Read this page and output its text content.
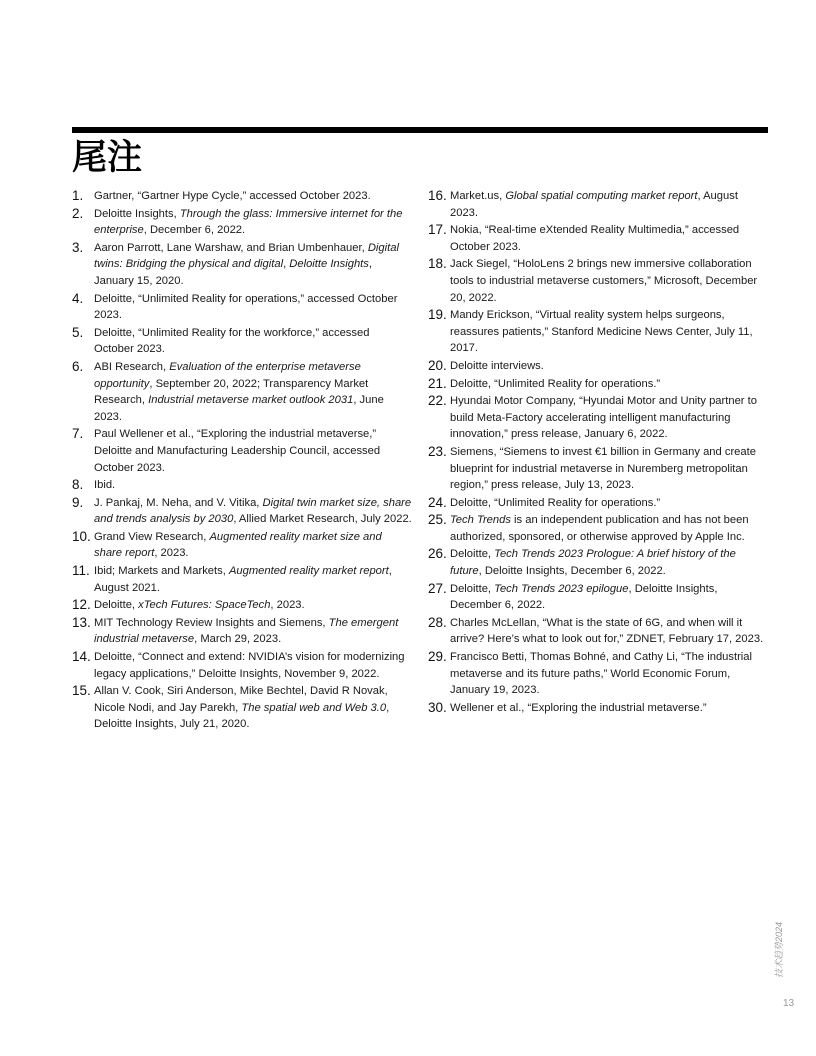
尾注
1. Gartner, “Gartner Hype Cycle,” accessed October 2023.
2. Deloitte Insights, Through the glass: Immersive internet for the enterprise, December 6, 2022.
3. Aaron Parrott, Lane Warshaw, and Brian Umbenhauer, Digital twins: Bridging the physical and digital, Deloitte Insights, January 15, 2020.
4. Deloitte, “Unlimited Reality for operations,” accessed October 2023.
5. Deloitte, “Unlimited Reality for the workforce,” accessed October 2023.
6. ABI Research, Evaluation of the enterprise metaverse opportunity, September 20, 2022; Transparency Market Research, Industrial metaverse market outlook 2031, June 2023.
7. Paul Wellener et al., “Exploring the industrial metaverse,” Deloitte and Manufacturing Leadership Council, accessed October 2023.
8. Ibid.
9. J. Pankaj, M. Neha, and V. Vitika, Digital twin market size, share and trends analysis by 2030, Allied Market Research, July 2022.
10. Grand View Research, Augmented reality market size and share report, 2023.
11. Ibid; Markets and Markets, Augmented reality market report, August 2021.
12. Deloitte, xTech Futures: SpaceTech, 2023.
13. MIT Technology Review Insights and Siemens, The emergent industrial metaverse, March 29, 2023.
14. Deloitte, “Connect and extend: NVIDIA’s vision for modernizing legacy applications,” Deloitte Insights, November 9, 2022.
15. Allan V. Cook, Siri Anderson, Mike Bechtel, David R Novak, Nicole Nodi, and Jay Parekh, The spatial web and Web 3.0, Deloitte Insights, July 21, 2020.
16. Market.us, Global spatial computing market report, August 2023.
17. Nokia, “Real-time eXtended Reality Multimedia,” accessed October 2023.
18. Jack Siegel, “HoloLens 2 brings new immersive collaboration tools to industrial metaverse customers,” Microsoft, December 20, 2022.
19. Mandy Erickson, “Virtual reality system helps surgeons, reassures patients,” Stanford Medicine News Center, July 11, 2017.
20. Deloitte interviews.
21. Deloitte, “Unlimited Reality for operations.”
22. Hyundai Motor Company, “Hyundai Motor and Unity partner to build Meta-Factory accelerating intelligent manufacturing innovation,” press release, January 6, 2022.
23. Siemens, “Siemens to invest €1 billion in Germany and create blueprint for industrial metaverse in Nuremberg metropolitan region,” press release, July 13, 2023.
24. Deloitte, “Unlimited Reality for operations.”
25. Tech Trends is an independent publication and has not been authorized, sponsored, or otherwise approved by Apple Inc.
26. Deloitte, Tech Trends 2023 Prologue: A brief history of the future, Deloitte Insights, December 6, 2022.
27. Deloitte, Tech Trends 2023 epilogue, Deloitte Insights, December 6, 2022.
28. Charles McLellan, “What is the state of 6G, and when will it arrive? Here’s what to look out for,” ZDNET, February 17, 2023.
29. Francisco Betti, Thomas Bohné, and Cathy Li, “The industrial metaverse and its future paths,” World Economic Forum, January 19, 2023.
30. Wellener et al., “Exploring the industrial metaverse.”
技术趋势2024
13
